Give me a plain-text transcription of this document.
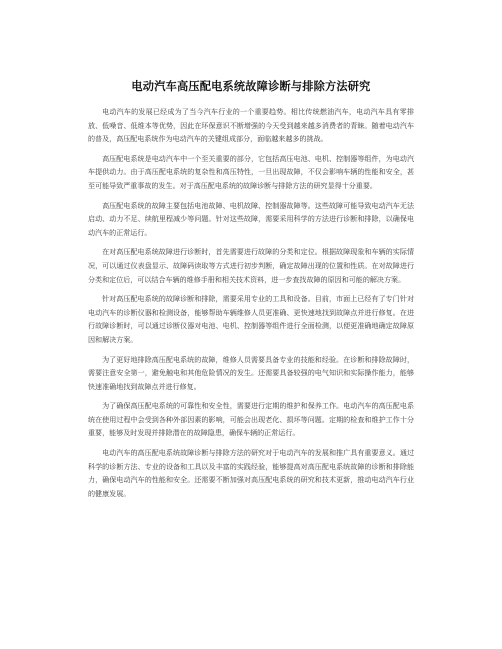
电动汽车高压配电系统故障诊断与排除方法研究

电动汽车的发展已经成为了当今汽车行业的一个重要趋势。相比传统燃油汽车，电动汽车具有零排放、低噪音、低维本等优势，因此在环保意识不断增强的今天受到越来越多消费者的青睐。随着电动汽车的普及，高压配电系统作为电动汽车的关键组成部分，面临越来越多的挑战。

高压配电系统是电动汽车中一个至关重要的部分，它包括高压电池、电机、控制器等组件，为电动汽车提供动力。由于高压配电系统的复杂性和高压特性，一旦出现故障，不仅会影响车辆的性能和安全，甚至可能导致严重事故的发生。对于高压配电系统的故障诊断与排除方法的研究显得十分重要。

高压配电系统的故障主要包括电池故障、电机故障、控制器故障等。这些故障可能导致电动汽车无法启动、动力不足、续航里程减少等问题。针对这些故障，需要采用科学的方法进行诊断和排除，以确保电动汽车的正常运行。

在对高压配电系统故障进行诊断时，首先需要进行故障的分类和定位。根据故障现象和车辆的实际情况，可以通过仪表盘显示、故障码读取等方式进行初步判断，确定故障出现的位置和性质。在对故障进行分类和定位后，可以结合车辆的维修手册和相关技术资料，进一步查找故障的原因和可能的解决方案。

针对高压配电系统的故障诊断和排除，需要采用专业的工具和设备。目前，市面上已经有了专门针对电动汽车的诊断仪器和检测设备，能够帮助车辆维修人员更准确、更快速地找到故障点并进行修复。在进行故障诊断时，可以通过诊断仪器对电池、电机、控制器等组件进行全面检测，以便更准确地确定故障原因和解决方案。

为了更好地排除高压配电系统的故障，维修人员需要具备专业的技能和经验。在诊断和排除故障时，需要注意安全第一，避免触电和其他危险情况的发生。还需要具备较强的电气知识和实际操作能力，能够快速准确地找到故障点并进行修复。

为了确保高压配电系统的可靠性和安全性，需要进行定期的维护和保养工作。电动汽车的高压配电系统在使用过程中会受到各种外部因素的影响，可能会出现老化、损坏等问题。定期的检查和维护工作十分重要，能够及时发现并排除潜在的故障隐患，确保车辆的正常运行。

电动汽车的高压配电系统故障诊断与排除方法的研究对于电动汽车的发展和推广具有重要意义。通过科学的诊断方法、专业的设备和工具以及丰富的实践经验，能够提高对高压配电系统故障的诊断和排除能力，确保电动汽车的性能和安全。还需要不断加强对高压配电系统的研究和技术更新，推动电动汽车行业的健康发展。
